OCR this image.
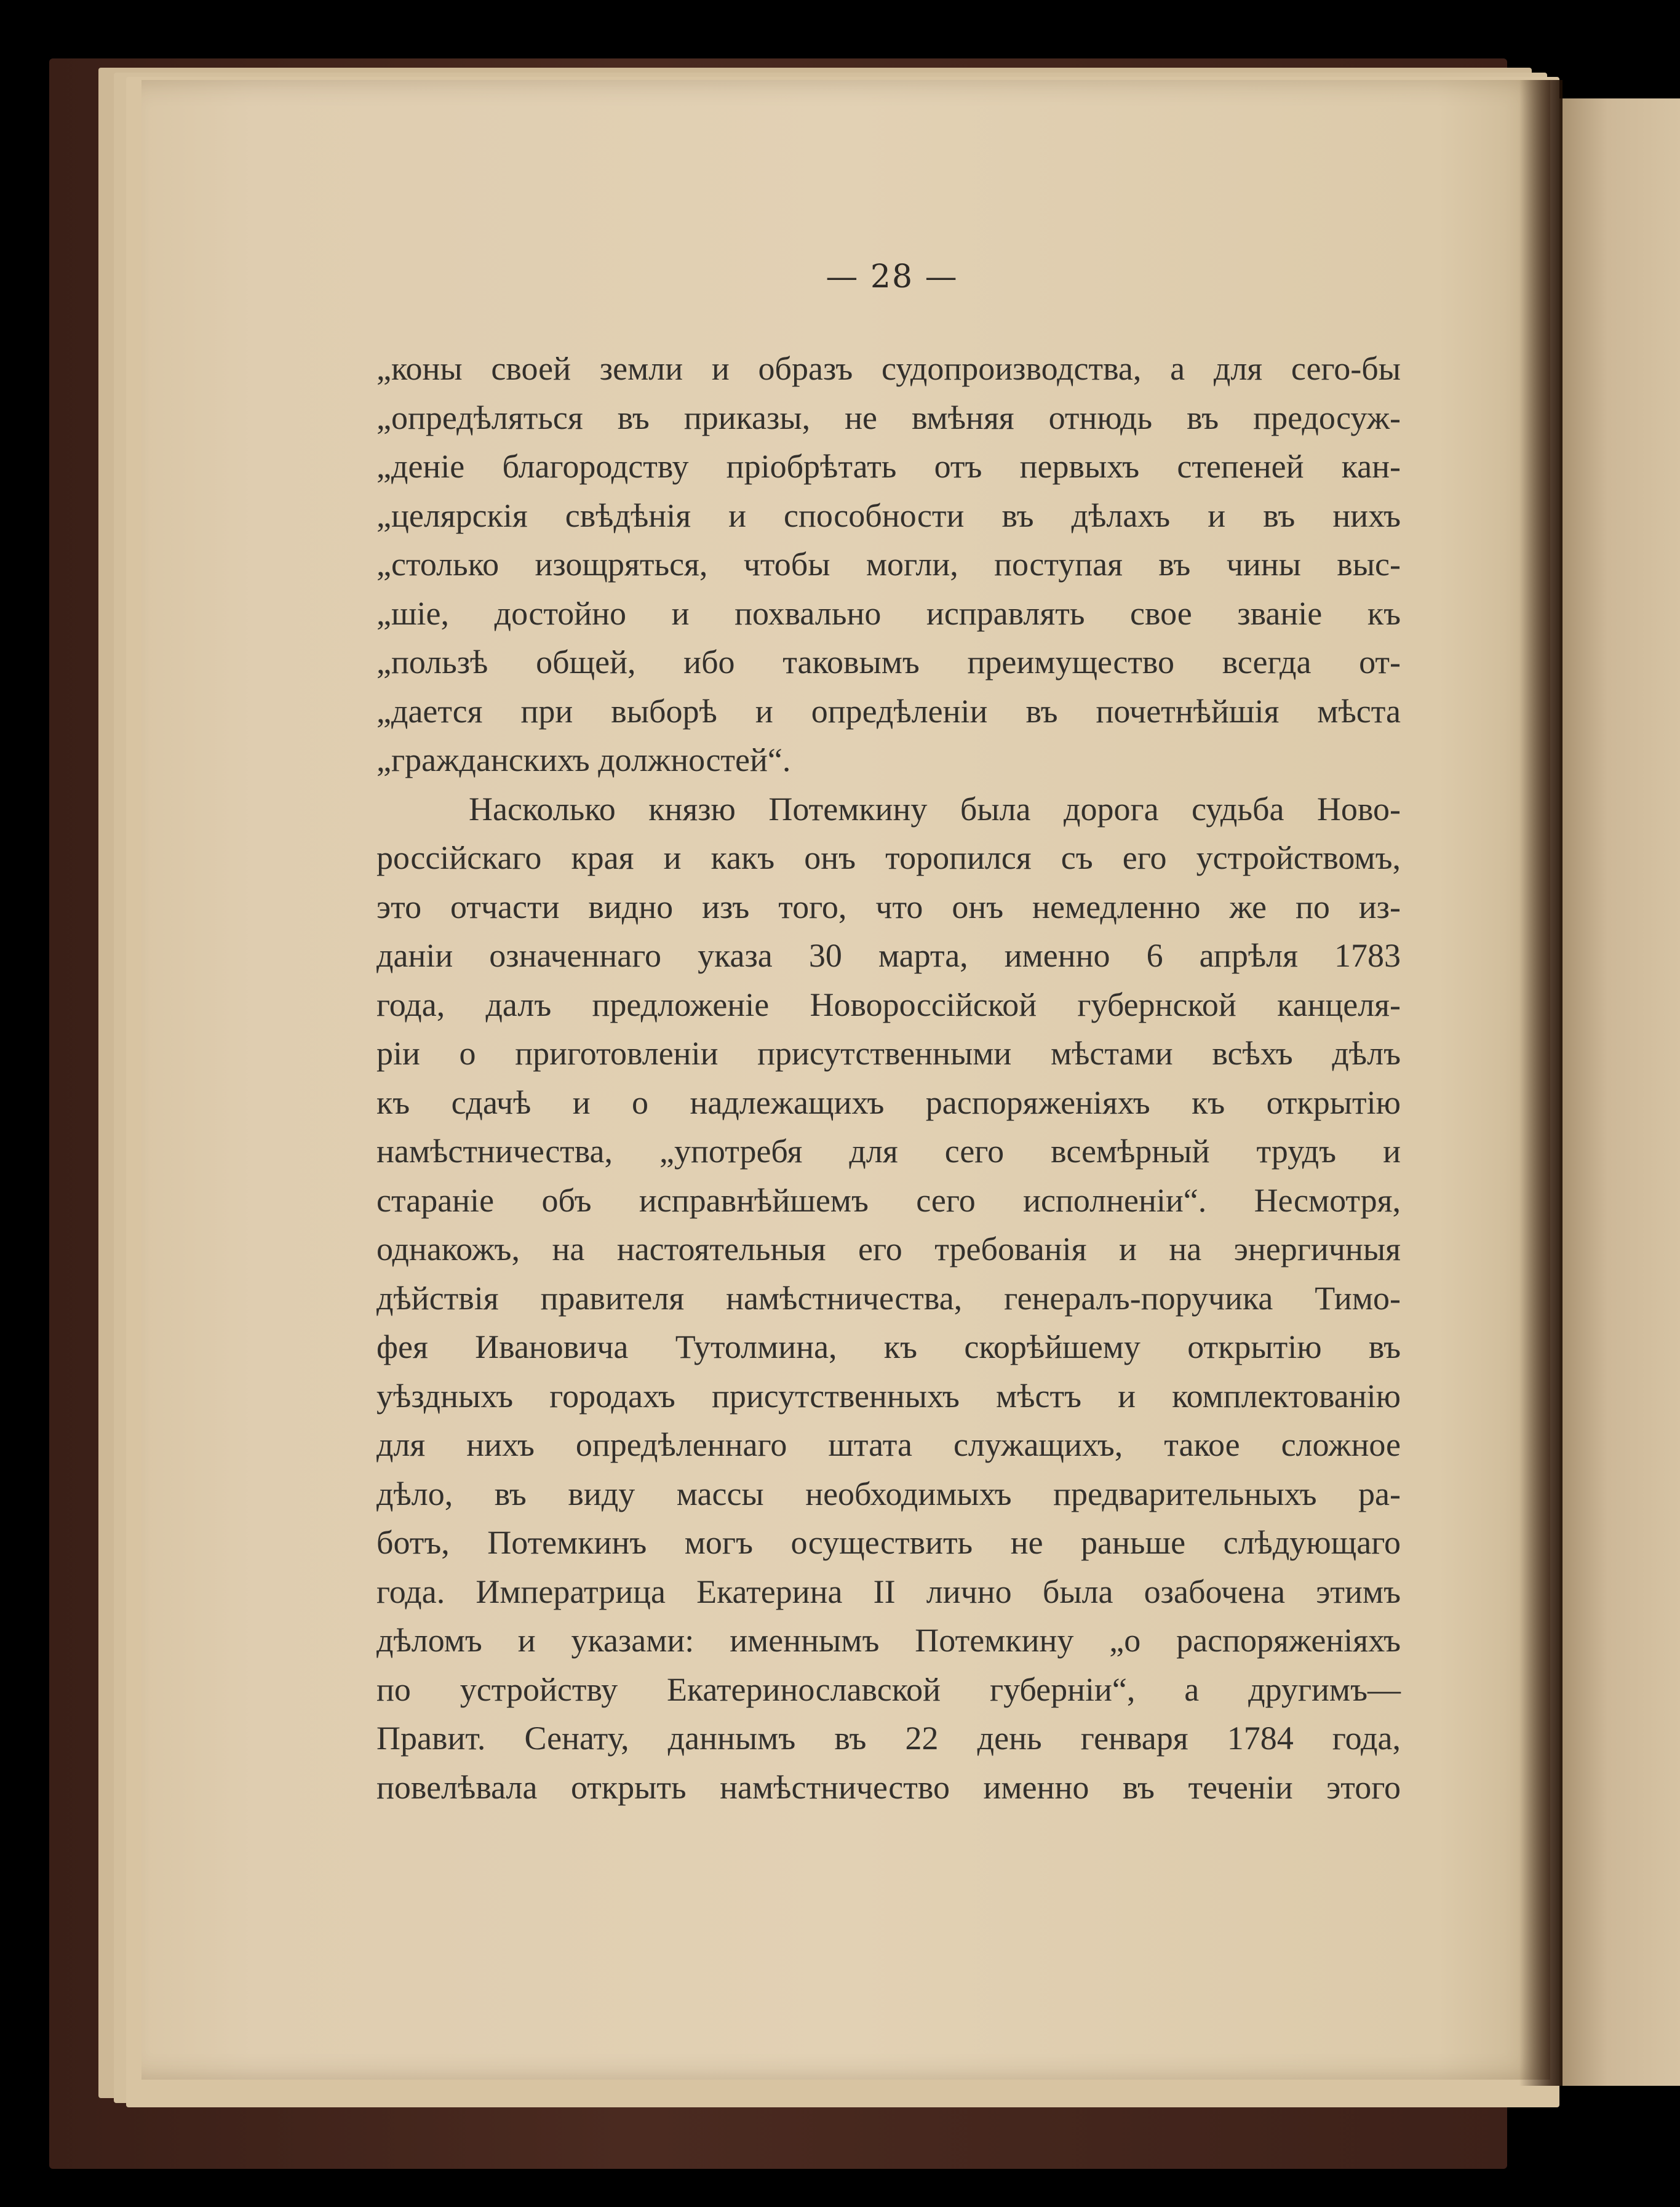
— 28 —
„коны своей земли и образъ судопроизводства, а для сего-бы
„опредѣляться въ приказы, не вмѣняя отнюдь въ предосуж-
„деніе благородству пріобрѣтать отъ первыхъ степеней кан-
„целярскія свѣдѣнія и способности въ дѣлахъ и въ нихъ
„столько изощряться, чтобы могли, поступая въ чины выс-
„шіе, достойно и похвально исправлять свое званіе къ
„пользѣ общей, ибо таковымъ преимущество всегда от-
„дается при выборѣ и опредѣленіи въ почетнѣйшія мѣста
„гражданскихъ должностей“.
Насколько князю Потемкину была дорога судьба Ново-
россійскаго края и какъ онъ торопился съ его устройствомъ,
это отчасти видно изъ того, что онъ немедленно же по из-
даніи означеннаго указа 30 марта, именно 6 апрѣля 1783
года, далъ предложеніе Новороссійской губернской канцеля-
ріи о приготовленіи присутственными мѣстами всѣхъ дѣлъ
къ сдачѣ и о надлежащихъ распоряженіяхъ къ открытію
намѣстничества, „употребя для сего всемѣрный трудъ и
стараніе объ исправнѣйшемъ сего исполненіи“. Несмотря,
однакожъ, на настоятельныя его требованія и на энергичныя
дѣйствія правителя намѣстничества, генералъ-поручика Тимо-
фея Ивановича Тутолмина, къ скорѣйшему открытію въ
уѣздныхъ городахъ присутственныхъ мѣстъ и комплектованію
для нихъ опредѣленнаго штата служащихъ, такое сложное
дѣло, въ виду массы необходимыхъ предварительныхъ ра-
ботъ, Потемкинъ могъ осуществить не раньше слѣдующаго
года. Императрица Екатерина II лично была озабочена этимъ
дѣломъ и указами: именнымъ Потемкину „о распоряженіяхъ
по устройству Екатеринославской губерніи“, а другимъ—
Правит. Сенату, даннымъ въ 22 день генваря 1784 года,
повелѣвала открыть намѣстничество именно въ теченіи этого
